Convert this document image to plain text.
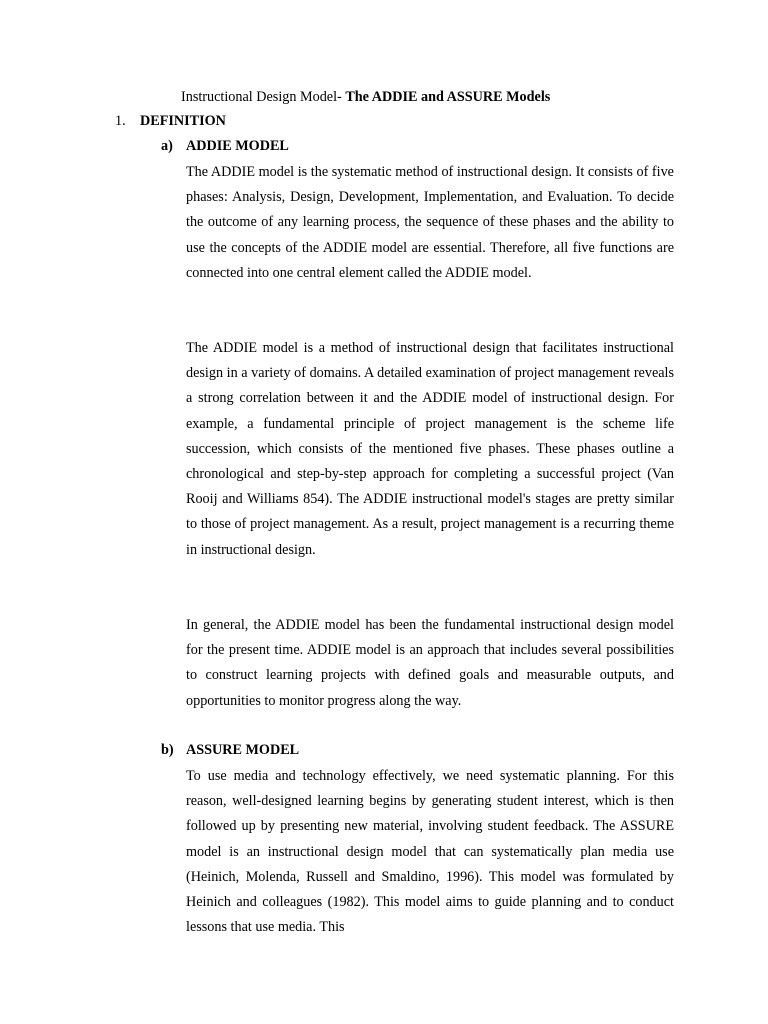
Instructional Design Model- The ADDIE and ASSURE Models
1. DEFINITION
a) ADDIE MODEL

The ADDIE model is the systematic method of instructional design. It consists of five phases: Analysis, Design, Development, Implementation, and Evaluation. To decide the outcome of any learning process, the sequence of these phases and the ability to use the concepts of the ADDIE model are essential. Therefore, all five functions are connected into one central element called the ADDIE model.

The ADDIE model is a method of instructional design that facilitates instructional design in a variety of domains. A detailed examination of project management reveals a strong correlation between it and the ADDIE model of instructional design. For example, a fundamental principle of project management is the scheme life succession, which consists of the mentioned five phases. These phases outline a chronological and step-by-step approach for completing a successful project (Van Rooij and Williams 854). The ADDIE instructional model's stages are pretty similar to those of project management. As a result, project management is a recurring theme in instructional design.

In general, the ADDIE model has been the fundamental instructional design model for the present time. ADDIE model is an approach that includes several possibilities to construct learning projects with defined goals and measurable outputs, and opportunities to monitor progress along the way.

b) ASSURE MODEL

To use media and technology effectively, we need systematic planning. For this reason, well-designed learning begins by generating student interest, which is then followed up by presenting new material, involving student feedback. The ASSURE model is an instructional design model that can systematically plan media use (Heinich, Molenda, Russell and Smaldino, 1996). This model was formulated by Heinich and colleagues (1982). This model aims to guide planning and to conduct lessons that use media. This
